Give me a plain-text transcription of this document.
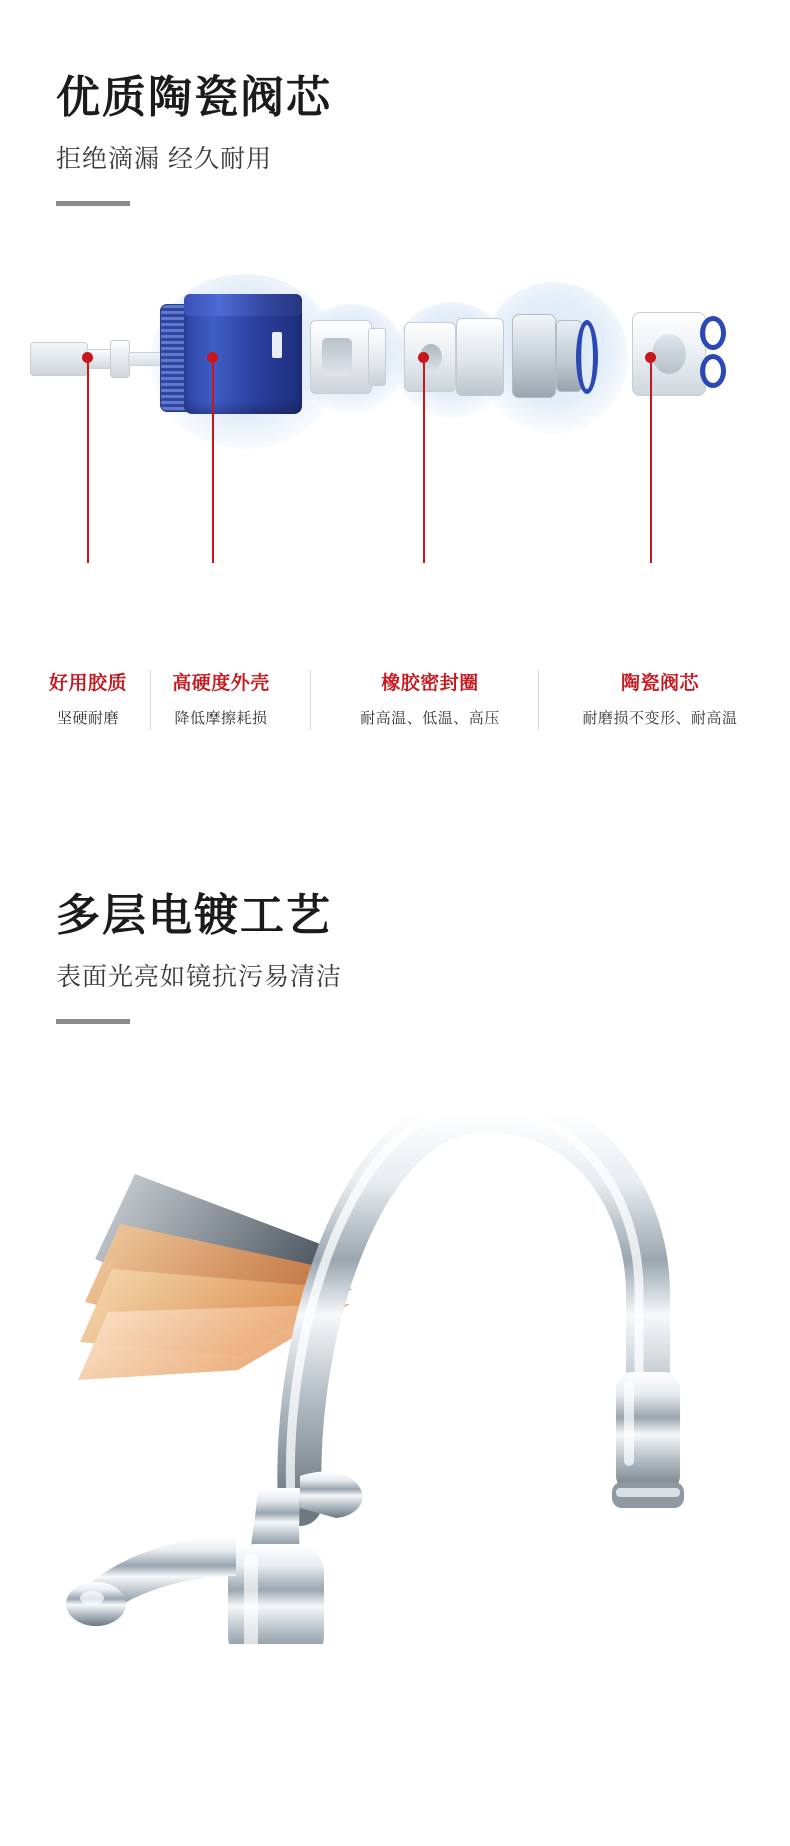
优质陶瓷阀芯
拒绝滴漏 经久耐用
好用胶质
坚硬耐磨
高硬度外壳
降低摩擦耗损
橡胶密封圈
耐高温、低温、高压
陶瓷阀芯
耐磨损不变形、耐高温
多层电镀工艺
表面光亮如镜抗污易清洁
